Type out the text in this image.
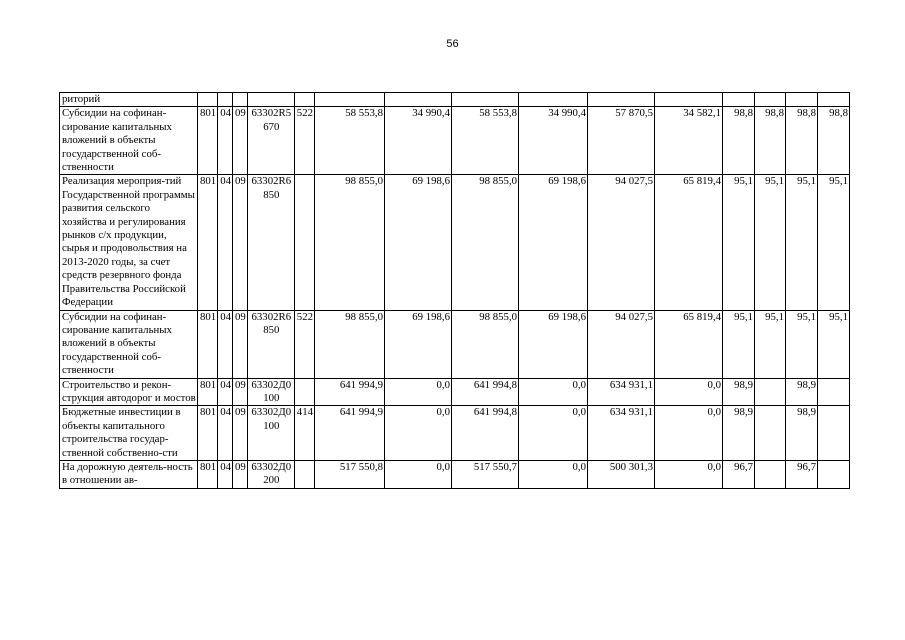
56
риторий															
Субсидии на софинан-сирование капитальных вложений в объекты государственной соб-ственности	801	04	09	63302R5670	522	58 553,8	34 990,4	58 553,8	34 990,4	57 870,5	34 582,1	98,8	98,8	98,8	98,8
Реализация мероприя-тий Государственной программы развития сельского хозяйства и регулирования рынков с/х продукции, сырья и продовольствия на 2013-2020 годы, за счет средств резервного фонда Правительства Российской Федерации	801	04	09	63302R6850		98 855,0	69 198,6	98 855,0	69 198,6	94 027,5	65 819,4	95,1	95,1	95,1	95,1
Субсидии на софинан-сирование капитальных вложений в объекты государственной соб-ственности	801	04	09	63302R6850	522	98 855,0	69 198,6	98 855,0	69 198,6	94 027,5	65 819,4	95,1	95,1	95,1	95,1
Строительство и рекон-струкция автодорог и мостов	801	04	09	63302Д0100		641 994,9	0,0	641 994,8	0,0	634 931,1	0,0	98,9		98,9	
Бюджетные инвестиции в объекты капитального строительства государ-ственной собственно-сти	801	04	09	63302Д0100	414	641 994,9	0,0	641 994,8	0,0	634 931,1	0,0	98,9		98,9	
На дорожную деятель-ность в отношении ав-	801	04	09	63302Д0200		517 550,8	0,0	517 550,7	0,0	500 301,3	0,0	96,7		96,7	
